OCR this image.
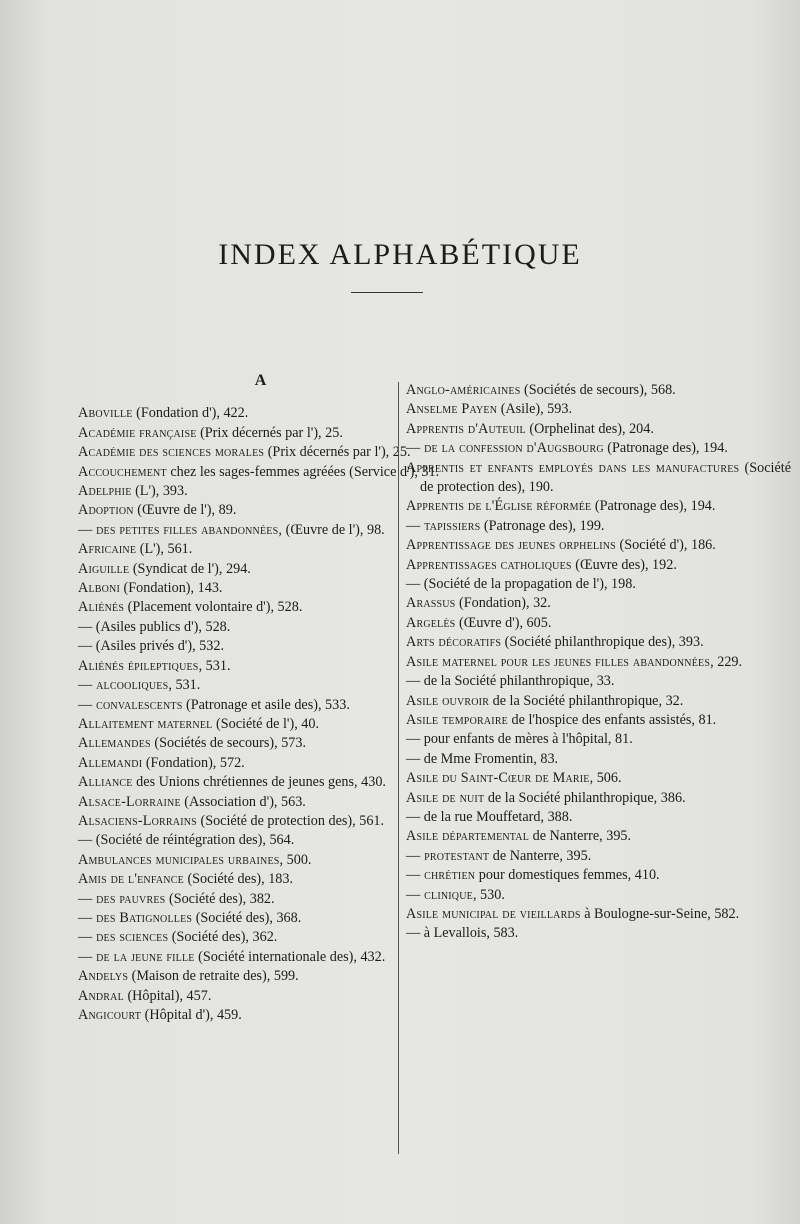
INDEX ALPHABÉTIQUE
A

Aboville (Fondation d'), 422.

Académie française (Prix décernés par l'), 25.

Académie des sciences morales (Prix décernés par l'), 25.

Accouchement chez les sages-femmes agréées (Service d'), 31.

Adelphie (L'), 393.

Adoption (Œuvre de l'), 89.

— des petites filles abandonnées, (Œuvre de l'), 98.

Africaine (L'), 561.

Aiguille (Syndicat de l'), 294.

Alboni (Fondation), 143.

Aliénés (Placement volontaire d'), 528.

— (Asiles publics d'), 528.

— (Asiles privés d'), 532.

Aliénés épileptiques, 531.

— alcooliques, 531.

— convalescents (Patronage et asile des), 533.

Allaitement maternel (Société de l'), 40.

Allemandes (Sociétés de secours), 573.

Allemandi (Fondation), 572.

Alliance des Unions chrétiennes de jeunes gens, 430.

Alsace-Lorraine (Association d'), 563.

Alsaciens-Lorrains (Société de protection des), 561.

— (Société de réintégration des), 564.

Ambulances municipales urbaines, 500.

Amis de l'enfance (Société des), 183.

— des pauvres (Société des), 382.

— des Batignolles (Société des), 368.

— des sciences (Société des), 362.

— de la jeune fille (Société internationale des), 432.

Andelys (Maison de retraite des), 599.

Andral (Hôpital), 457.

Angicourt (Hôpital d'), 459.

Anglo-américaines (Sociétés de secours), 568.

Anselme Payen (Asile), 593.

Apprentis d'Auteuil (Orphelinat des), 204.

— de la confession d'Augsbourg (Patronage des), 194.

Apprentis et enfants employés dans les manufactures (Société de protection des), 190.

Apprentis de l'Église réformée (Patronage des), 194.

— tapissiers (Patronage des), 199.

Apprentissage des jeunes orphelins (Société d'), 186.

Apprentissages catholiques (Œuvre des), 192.

— (Société de la propagation de l'), 198.

Arassus (Fondation), 32.

Argelès (Œuvre d'), 605.

Arts décoratifs (Société philanthropique des), 393.

Asile maternel pour les jeunes filles abandonnées, 229.

— de la Société philanthropique, 33.

Asile ouvroir de la Société philanthropique, 32.

Asile temporaire de l'hospice des enfants assistés, 81.

— pour enfants de mères à l'hôpital, 81.

— de Mme Fromentin, 83.

Asile du Saint-Cœur de Marie, 506.

Asile de nuit de la Société philanthropique, 386.

— de la rue Mouffetard, 388.

Asile départemental de Nanterre, 395.

— protestant de Nanterre, 395.

— chrétien pour domestiques femmes, 410.

— clinique, 530.

Asile municipal de vieillards à Boulogne-sur-Seine, 582.

— à Levallois, 583.
